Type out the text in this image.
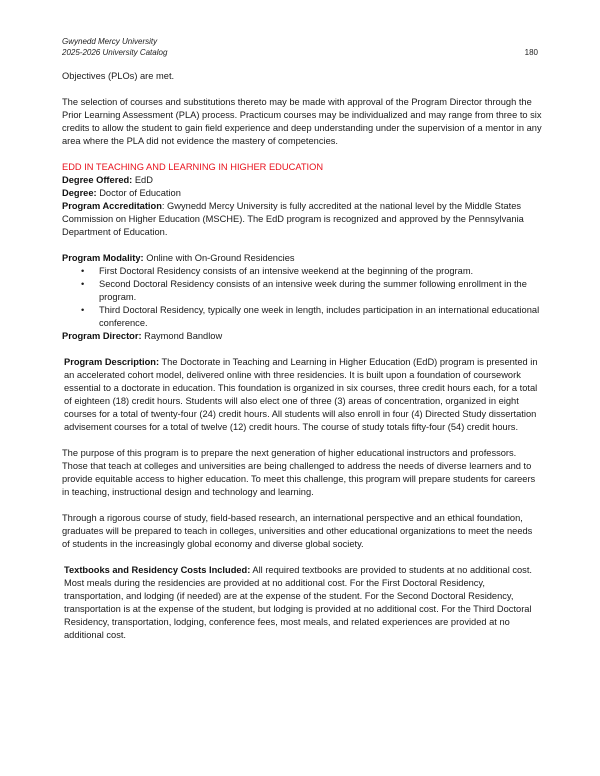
Gwynedd Mercy University
2025-2026 University Catalog	180

Objectives (PLOs) are met.

The selection of courses and substitutions thereto may be made with approval of the Program Director through the Prior Learning Assessment (PLA) process. Practicum courses may be individualized and may range from three to six credits to allow the student to gain field experience and deep understanding under the supervision of a mentor in any area where the PLA did not evidence the mastery of competencies.

EDD IN TEACHING AND LEARNING IN HIGHER EDUCATION

Degree Offered: EdD

Degree: Doctor of Education

Program Accreditation: Gwynedd Mercy University is fully accredited at the national level by the Middle States Commission on Higher Education (MSCHE). The EdD program is recognized and approved by the Pennsylvania Department of Education.

Program Modality: Online with On-Ground Residencies

• First Doctoral Residency consists of an intensive weekend at the beginning of the program.
• Second Doctoral Residency consists of an intensive week during the summer following enrollment in the program.
• Third Doctoral Residency, typically one week in length, includes participation in an international educational conference.

Program Director: Raymond Bandlow

Program Description: The Doctorate in Teaching and Learning in Higher Education (EdD) program is presented in an accelerated cohort model, delivered online with three residencies. It is built upon a foundation of coursework essential to a doctorate in education. This foundation is organized in six courses, three credit hours each, for a total of eighteen (18) credit hours. Students will also elect one of three (3) areas of concentration, organized in eight courses for a total of twenty-four (24) credit hours. All students will also enroll in four (4) Directed Study dissertation advisement courses for a total of twelve (12) credit hours. The course of study totals fifty-four (54) credit hours.

The purpose of this program is to prepare the next generation of higher educational instructors and professors. Those that teach at colleges and universities are being challenged to address the needs of diverse learners and to provide equitable access to higher education. To meet this challenge, this program will prepare students for careers in teaching, instructional design and technology and learning.

Through a rigorous course of study, field-based research, an international perspective and an ethical foundation, graduates will be prepared to teach in colleges, universities and other educational organizations to meet the needs of students in the increasingly global economy and diverse global society.

Textbooks and Residency Costs Included: All required textbooks are provided to students at no additional cost. Most meals during the residencies are provided at no additional cost. For the First Doctoral Residency, transportation, and lodging (if needed) are at the expense of the student. For the Second Doctoral Residency, transportation is at the expense of the student, but lodging is provided at no additional cost. For the Third Doctoral Residency, transportation, lodging, conference fees, most meals, and related experiences are provided at no additional cost.
